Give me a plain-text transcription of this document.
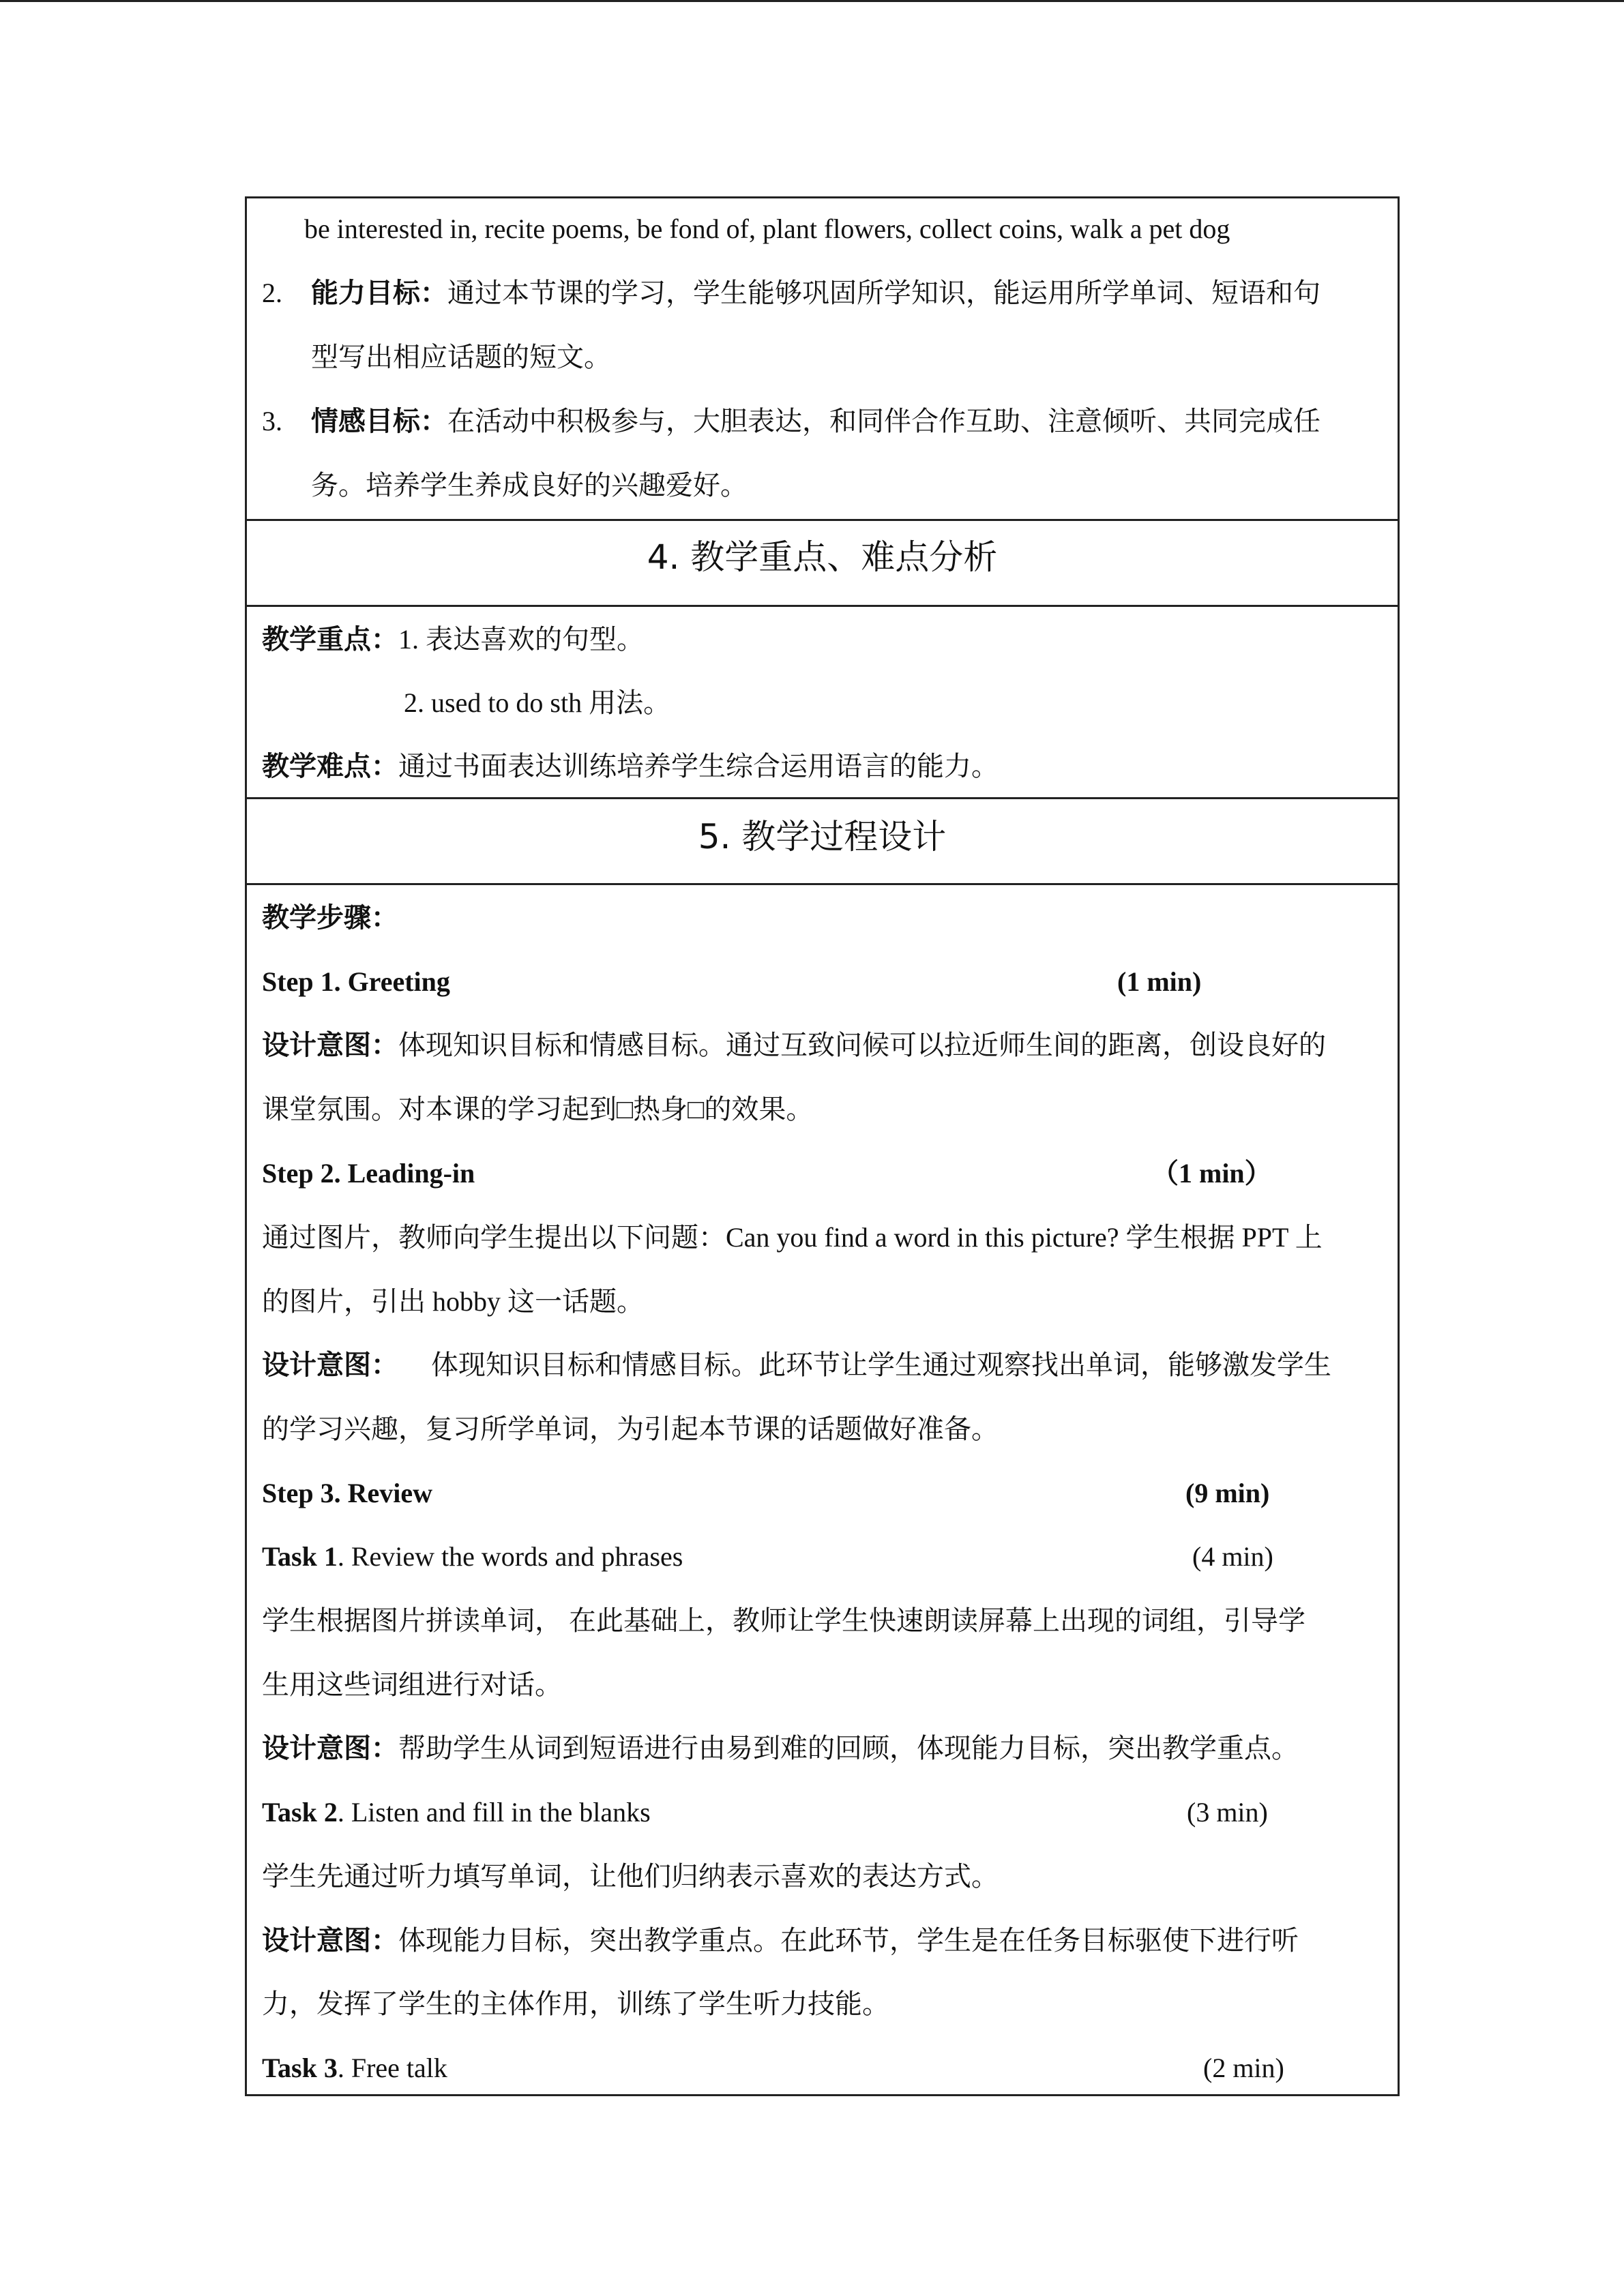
be interested in, recite poems, be fond of, plant flowers, collect coins, walk a pet dog
2. 能力目标：通过本节课的学习，学生能够巩固所学知识，能运用所学单词、短语和句
型写出相应话题的短文。
3. 情感目标：在活动中积极参与，大胆表达，和同伴合作互助、注意倾听、共同完成任
务。培养学生养成良好的兴趣爱好。
4. 教学重点、难点分析
教学重点：1. 表达喜欢的句型。
2. used to do sth 用法。
教学难点：通过书面表达训练培养学生综合运用语言的能力。
5. 教学过程设计
教学步骤：
Step 1. Greeting	(1 min)
设计意图：体现知识目标和情感目标。通过互致问候可以拉近师生间的距离，创设良好的
课堂氛围。对本课的学习起到□热身□的效果。
Step 2. Leading-in	（1 min）
通过图片，教师向学生提出以下问题：Can you find a word in this picture? 学生根据 PPT 上
的图片，引出 hobby 这一话题。
设计意图： 体现知识目标和情感目标。此环节让学生通过观察找出单词，能够激发学生
的学习兴趣，复习所学单词，为引起本节课的话题做好准备。
Step 3. Review	(9 min)
Task 1. Review the words and phrases	(4 min)
学生根据图片拼读单词， 在此基础上，教师让学生快速朗读屏幕上出现的词组，引导学
生用这些词组进行对话。
设计意图：帮助学生从词到短语进行由易到难的回顾，体现能力目标，突出教学重点。
Task 2. Listen and fill in the blanks	(3 min)
学生先通过听力填写单词，让他们归纳表示喜欢的表达方式。
设计意图：体现能力目标，突出教学重点。在此环节，学生是在任务目标驱使下进行听
力，发挥了学生的主体作用，训练了学生听力技能。
Task 3. Free talk	(2 min)
